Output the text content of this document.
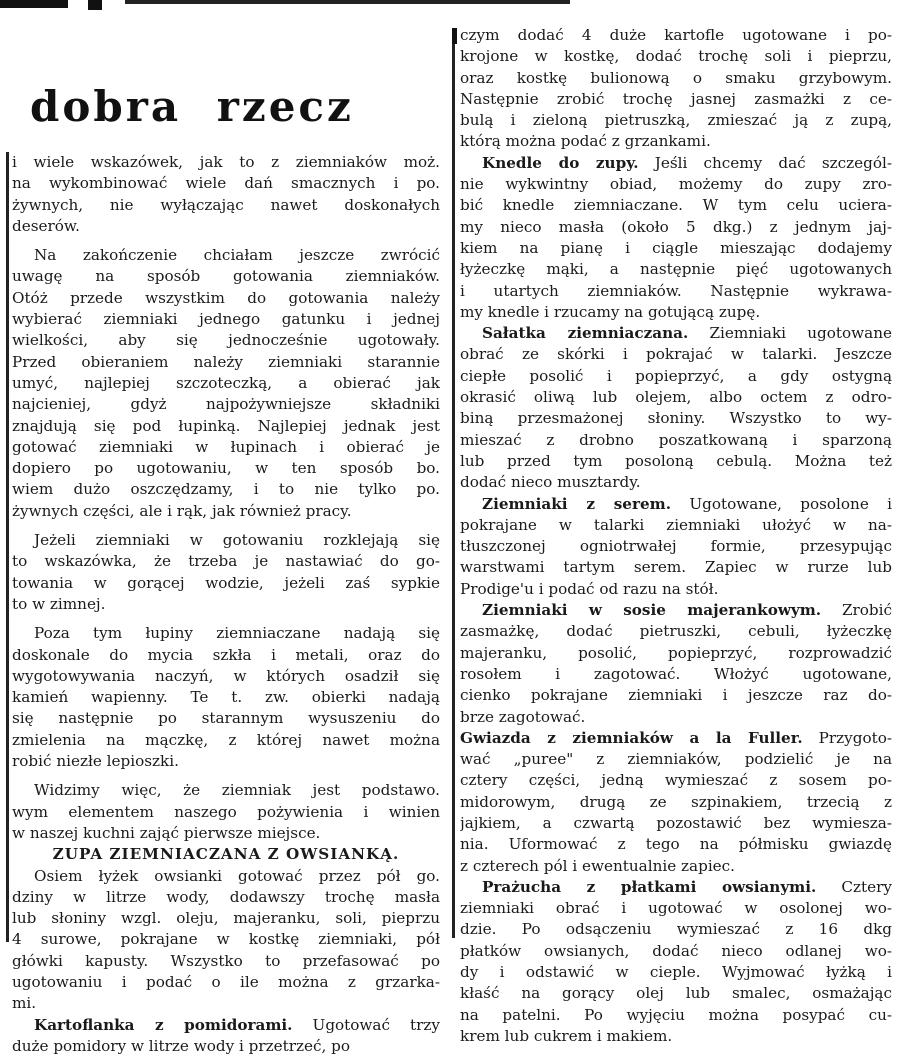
dobra rzecz
i wiele wskazówek, jak to z ziemniaków moż.
na wykombinować wiele dań smacznych i po.
żywnych, nie wyłączając nawet doskonałych
deserów.
Na zakończenie chciałam jeszcze zwrócić
uwagę na sposób gotowania ziemniaków.
Otóż przede wszystkim do gotowania należy
wybierać ziemniaki jednego gatunku i jednej
wielkości, aby się jednocześnie ugotowały.
Przed obieraniem należy ziemniaki starannie
umyć, najlepiej szczoteczką, a obierać jak
najcieniej, gdyż najpożywniejsze składniki
znajdują się pod łupinką. Najlepiej jednak jest
gotować ziemniaki w łupinach i obierać je
dopiero po ugotowaniu, w ten sposób bo.
wiem dużo oszczędzamy, i to nie tylko po.
żywnych części, ale i rąk, jak również pracy.
Jeżeli ziemniaki w gotowaniu rozklejają się
to wskazówka, że trzeba je nastawiać do go-
towania w gorącej wodzie, jeżeli zaś sypkie
to w zimnej.
Poza tym łupiny ziemniaczane nadają się
doskonale do mycia szkła i metali, oraz do
wygotowywania naczyń, w których osadził się
kamień wapienny. Te t. zw. obierki nadają
się następnie po starannym wysuszeniu do
zmielenia na mączkę, z której nawet można
robić niezłe lepioszki.
Widzimy więc, że ziemniak jest podstawo.
wym elementem naszego pożywienia i winien
w naszej kuchni zająć pierwsze miejsce.
ZUPA ZIEMNIACZANA Z OWSIANKĄ.
Osiem łyżek owsianki gotować przez pół go.
dziny w litrze wody, dodawszy trochę masła
lub słoniny wzgl. oleju, majeranku, soli, pieprzu
4 surowe, pokrajane w kostkę ziemniaki, pół
główki kapusty. Wszystko to przefasować po
ugotowaniu i podać o ile można z grzarka-
mi.
Kartoflanka z pomidorami. Ugotować trzy
duże pomidory w litrze wody i przetrzeć, po
czym dodać 4 duże kartofle ugotowane i po-
krojone w kostkę, dodać trochę soli i pieprzu,
oraz kostkę bulionową o smaku grzybowym.
Następnie zrobić trochę jasnej zasmażki z ce-
bulą i zieloną pietruszką, zmieszać ją z zupą,
którą można podać z grzankami.
Knedle do zupy. Jeśli chcemy dać szczegól-
nie wykwintny obiad, możemy do zupy zro-
bić knedle ziemniaczane. W tym celu uciera-
my nieco masła (około 5 dkg.) z jednym jaj-
kiem na pianę i ciągle mieszając dodajemy
łyżeczkę mąki, a następnie pięć ugotowanych
i utartych ziemniaków. Następnie wykrawa-
my knedle i rzucamy na gotującą zupę.
Sałatka ziemniaczana. Ziemniaki ugotowane
obrać ze skórki i pokrajać w talarki. Jeszcze
ciepłe posolić i popieprzyć, a gdy ostygną
okrasić oliwą lub olejem, albo octem z odro-
biną przesmażonej słoniny. Wszystko to wy-
mieszać z drobno poszatkowaną i sparzoną
lub przed tym posoloną cebulą. Można też
dodać nieco musztardy.
Ziemniaki z serem. Ugotowane, posolone i
pokrajane w talarki ziemniaki ułożyć w na-
tłuszczonej ogniotrwałej formie, przesypując
warstwami tartym serem. Zapiec w rurze lub
Prodige'u i podać od razu na stół.
Ziemniaki w sosie majerankowym. Zrobić
zasmażkę, dodać pietruszki, cebuli, łyżeczkę
majeranku, posolić, popieprzyć, rozprowadzić
rosołem i zagotować. Włożyć ugotowane,
cienko pokrajane ziemniaki i jeszcze raz do-
brze zagotować.
Gwiazda z ziemniaków a la Fuller. Przygoto-
wać „puree" z ziemniaków, podzielić je na
cztery części, jedną wymieszać z sosem po-
midorowym, drugą ze szpinakiem, trzecią z
jajkiem, a czwartą pozostawić bez wymiesza-
nia. Uformować z tego na półmisku gwiazdę
z czterech pól i ewentualnie zapiec.
Prażucha z płatkami owsianymi. Cztery
ziemniaki obrać i ugotować w osolonej wo-
dzie. Po odsączeniu wymieszać z 16 dkg
płatków owsianych, dodać nieco odlanej wo-
dy i odstawić w cieple. Wyjmować łyżką i
kłaść na gorący olej lub smalec, osmażając
na patelni. Po wyjęciu można posypać cu-
krem lub cukrem i makiem.
